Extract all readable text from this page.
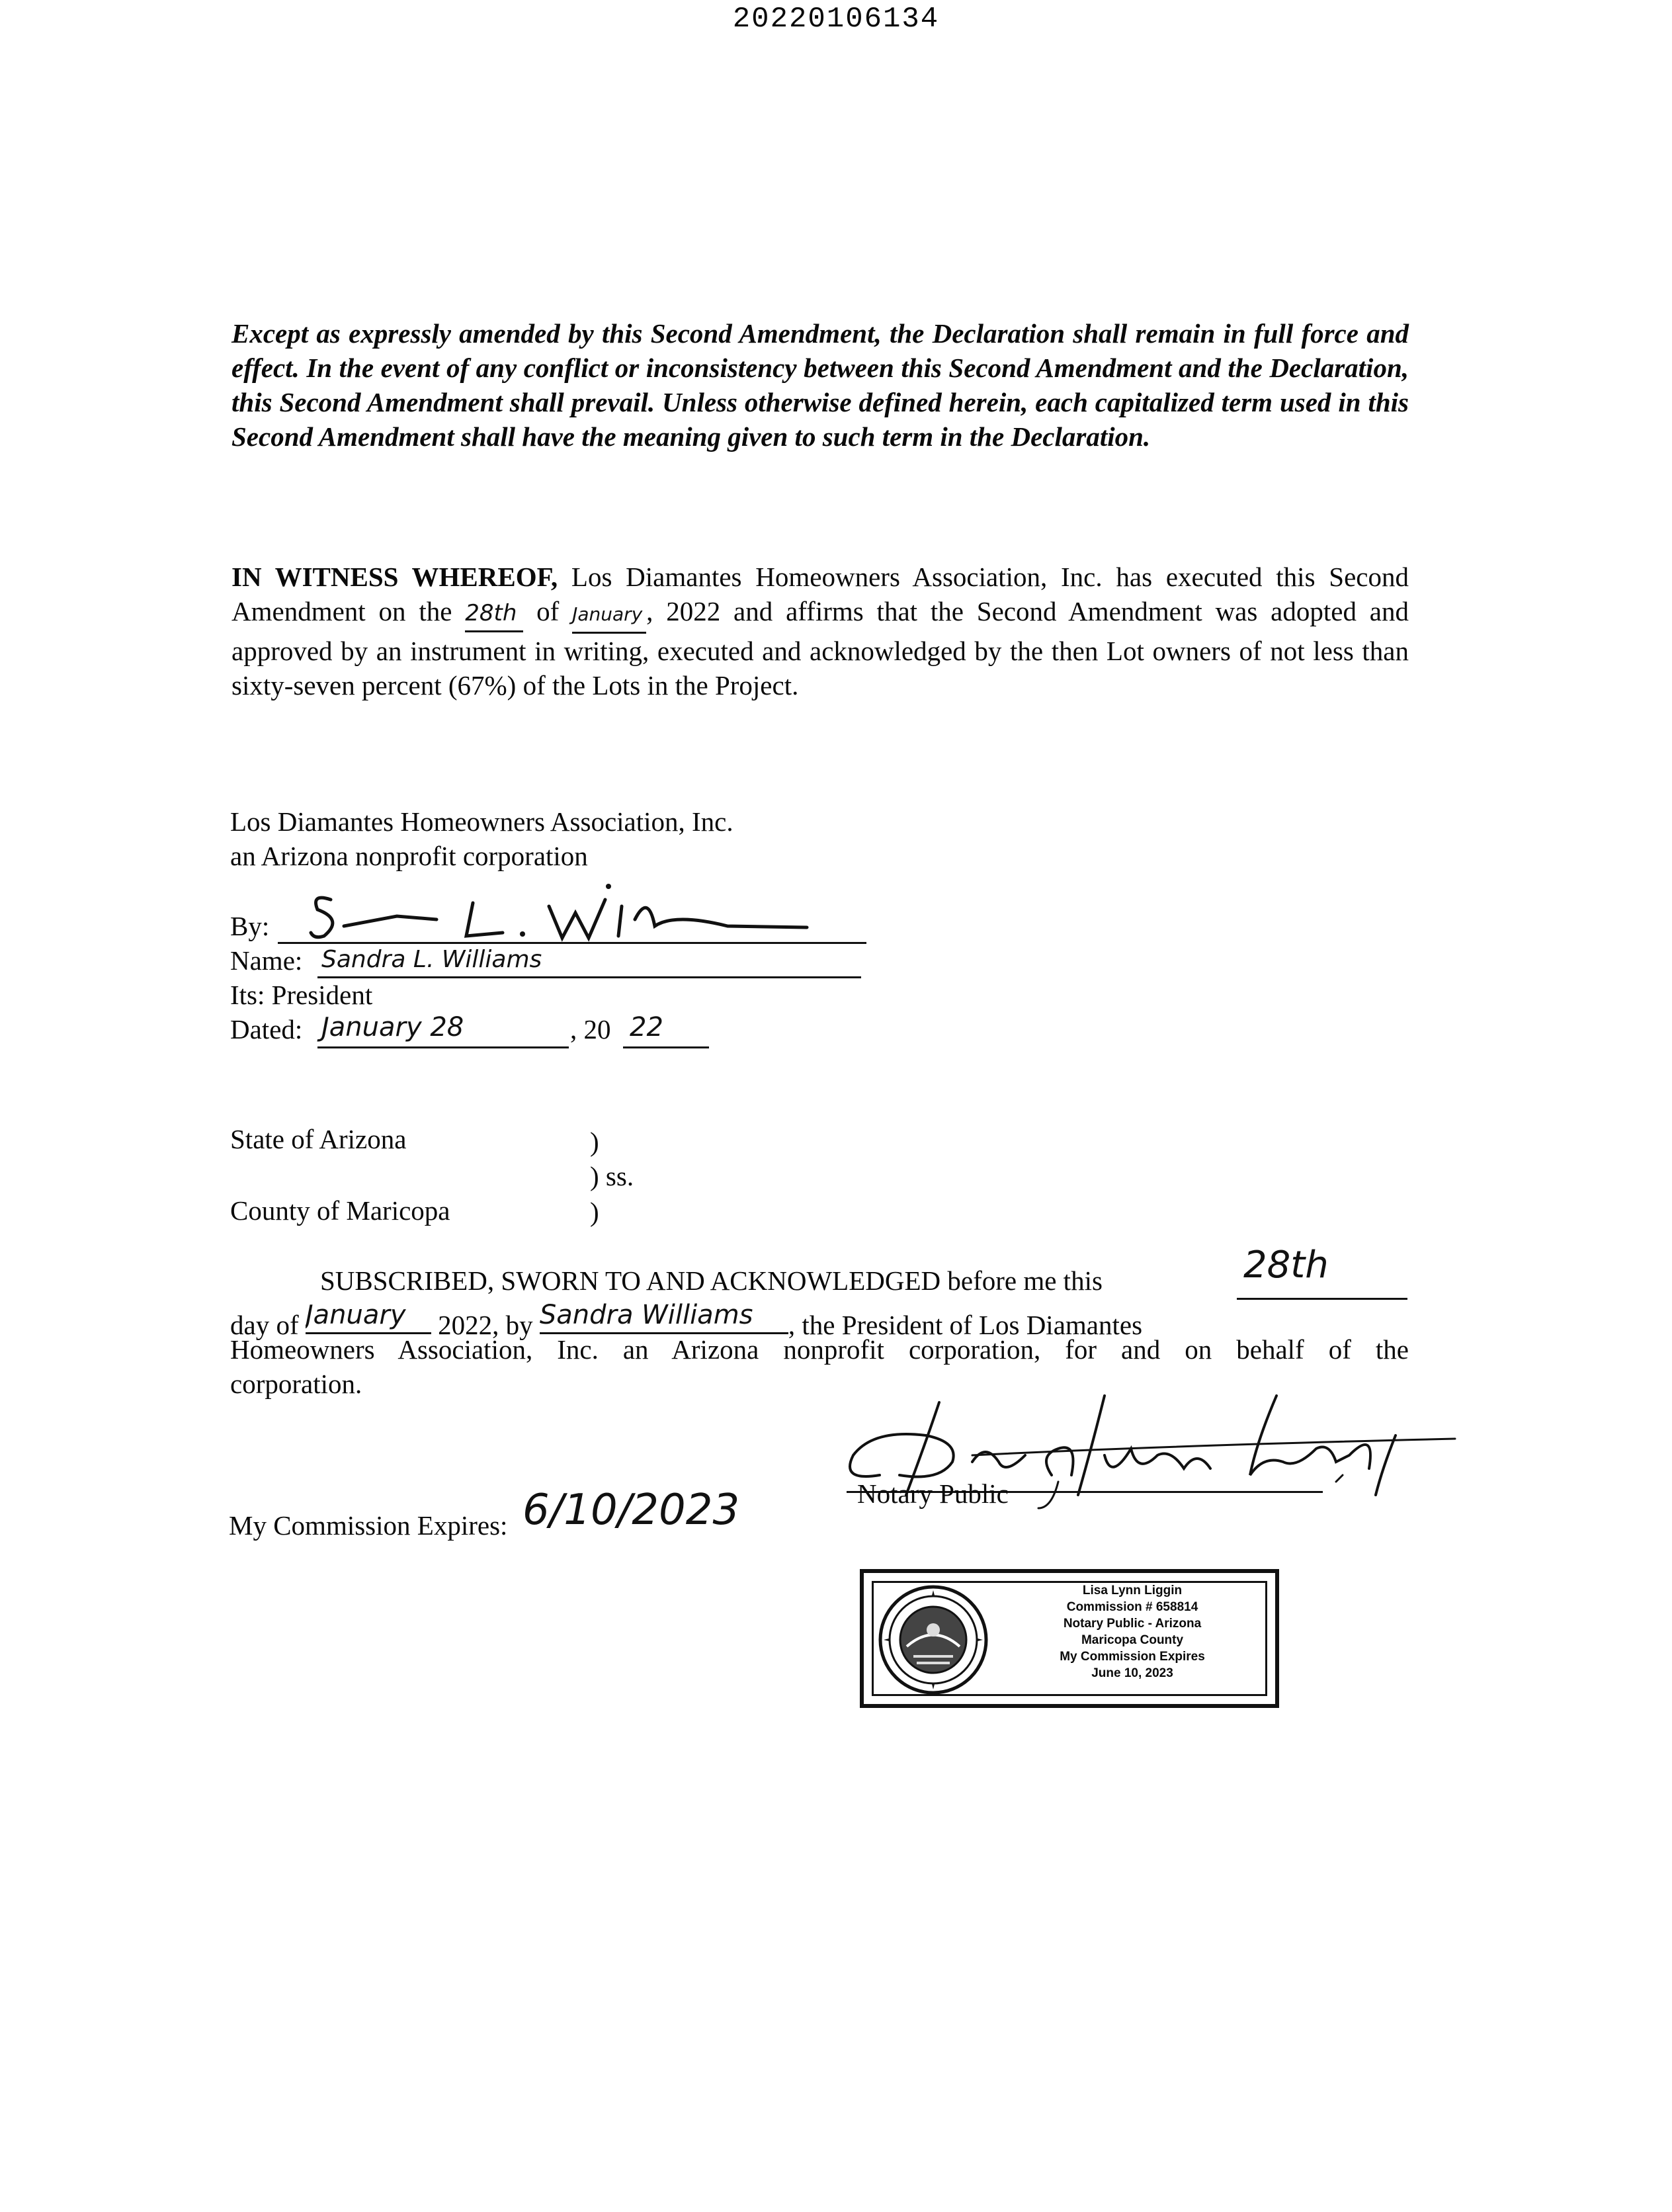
20220106134
Except as expressly amended by this Second Amendment, the Declaration shall remain in full force and effect. In the event of any conflict or inconsistency between this Second Amendment and the Declaration, this Second Amendment shall prevail. Unless otherwise defined herein, each capitalized term used in this Second Amendment shall have the meaning given to such term in the Declaration.
IN WITNESS WHEREOF, Los Diamantes Homeowners Association, Inc. has executed this Second Amendment on the 28th of January , 2022 and affirms that the Second Amendment was adopted and approved by an instrument in writing, executed and acknowledged by the then Lot owners of not less than sixty-seven percent (67%) of the Lots in the Project.
Los Diamantes Homeowners Association, Inc.
an Arizona nonprofit corporation
By:
Name: Sandra L. Williams
Its: President
Dated: January 28	, 20 22
State of Arizona	)
) ss.
County of Maricopa	)
SUBSCRIBED, SWORN TO AND ACKNOWLEDGED before me this	28th
day of January 2022, by Sandra Williams , the President of Los Diamantes
Homeowners Association, Inc. an Arizona nonprofit corporation, for and on behalf of the
corporation.
Notary Public
My Commission Expires: 6/10/2023
Lisa Lynn Liggin
Commission # 658814
Notary Public - Arizona
Maricopa County
My Commission Expires
June 10, 2023
